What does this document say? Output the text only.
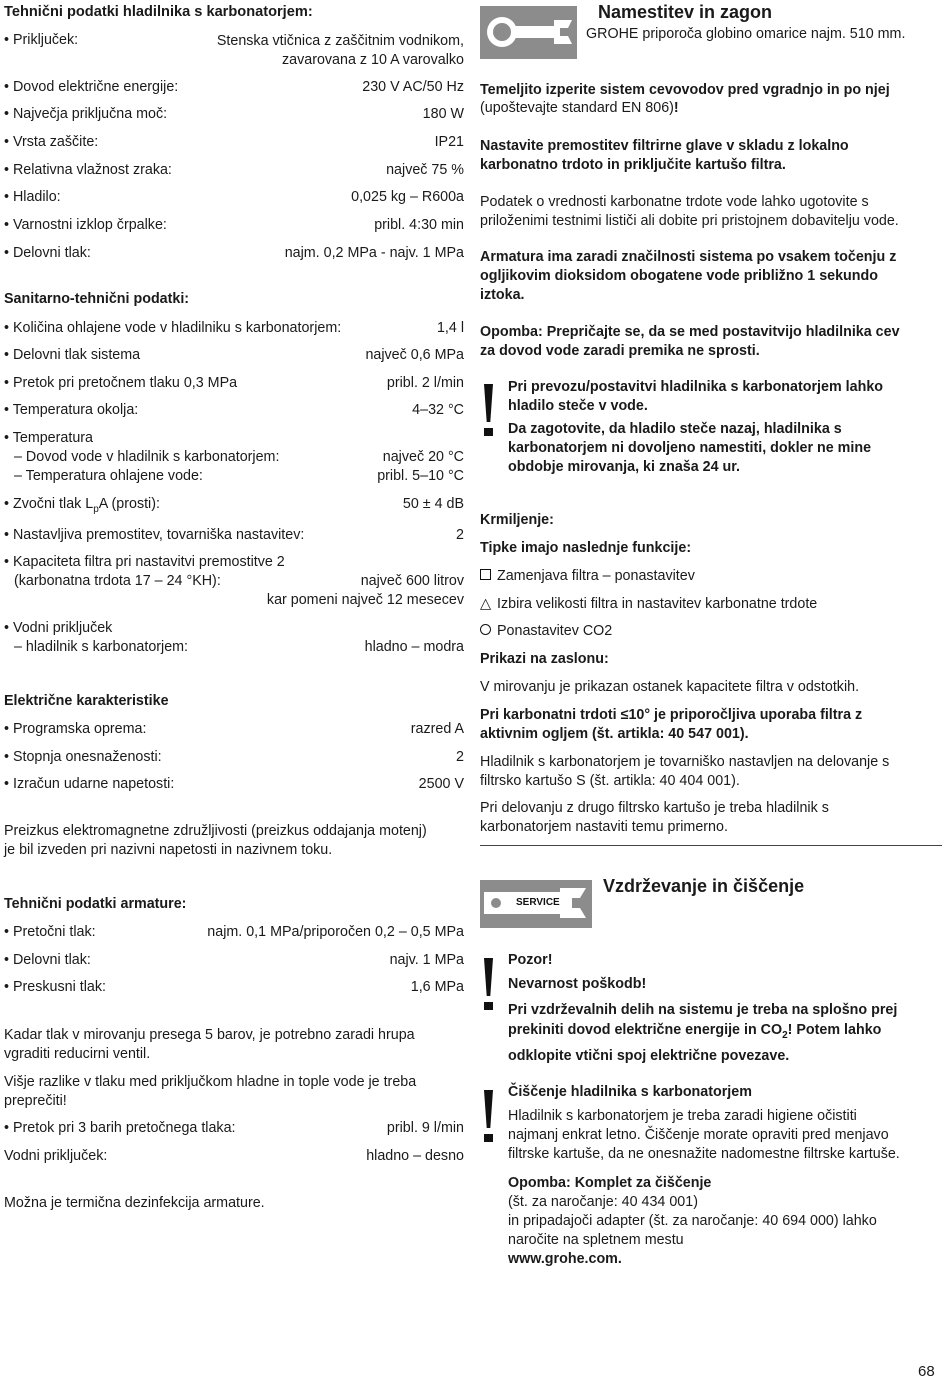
Tehnični podatki hladilnika s karbonatorjem:
• Priključek:	Stenska vtičnica z zaščitnim vodnikom,
zavarovana z 10 A varovalko
• Dovod električne energije:	230 V AC/50 Hz
• Največja priključna moč:	180 W
• Vrsta zaščite:	IP21
• Relativna vlažnost zraka:	največ 75 %
• Hladilo:	0,025 kg – R600a
• Varnostni izklop črpalke:	pribl. 4:30 min
• Delovni tlak:	najm. 0,2 MPa - najv. 1 MPa
Sanitarno-tehnični podatki:
• Količina ohlajene vode v hladilniku s karbonatorjem:	1,4 l
• Delovni tlak sistema	največ 0,6 MPa
• Pretok pri pretočnem tlaku 0,3 MPa	pribl. 2 l/min
• Temperatura okolja:	4–32 °C
• Temperatura
– Dovod vode v hladilnik s karbonatorjem:	največ 20 °C
– Temperatura ohlajene vode:	pribl. 5–10 °C
• Zvočni tlak $L_pA$ (prosti):	50 ± 4 dB
• Nastavljiva premostitev, tovarniška nastavitev:	2
• Kapaciteta filtra pri nastavitvi premostitve 2
(karbonatna trdota 17 – 24 °KH):	največ 600 litrov
kar pomeni največ 12 mesecev
• Vodni priključek
– hladilnik s karbonatorjem:	hladno – modra
Električne karakteristike
• Programska oprema:	razred A
• Stopnja onesnaženosti:	2
• Izračun udarne napetosti:	2500 V
Preizkus elektromagnetne združljivosti (preizkus oddajanja motenj)
je bil izveden pri nazivni napetosti in nazivnem toku.
Tehnični podatki armature:
• Pretočni tlak:	najm. 0,1 MPa/priporočen 0,2 – 0,5 MPa
• Delovni tlak:	najv. 1 MPa
• Preskusni tlak:	1,6 MPa
Kadar tlak v mirovanju presega 5 barov, je potrebno zaradi hrupa
vgraditi reducirni ventil.
Višje razlike v tlaku med priključkom hladne in tople vode je treba
preprečiti!
• Pretok pri 3 barih pretočnega tlaka:	pribl. 9 l/min
Vodni priključek:	hladno – desno
Možna je termična dezinfekcija armature.
Namestitev in zagon
GROHE priporoča globino omarice najm. 510 mm.
Temeljito izperite sistem cevovodov pred vgradnjo in po njej
(upoštevajte standard EN 806)!
Nastavite premostitev filtrirne glave v skladu z lokalno
karbonatno trdoto in priključite kartušo filtra.
Podatek o vrednosti karbonatne trdote vode lahko ugotovite s
priloženimi testnimi lističi ali dobite pri pristojnem dobavitelju vode.
Armatura ima zaradi značilnosti sistema po vsakem točenju z
ogljikovim dioksidom obogatene vode približno 1 sekundo
iztoka.
Opomba: Prepričajte se, da se med postavitvijo hladilnika cev
za dovod vode zaradi premika ne sprosti.
Pri prevozu/postavitvi hladilnika s karbonatorjem lahko
hladilo steče v vode.
Da zagotovite, da hladilo steče nazaj, hladilnika s
karbonatorjem ni dovoljeno namestiti, dokler ne mine
obdobje mirovanja, ki znaša 24 ur.
Krmiljenje:
Tipke imajo naslednje funkcije:
Zamenjava filtra – ponastavitev
△ Izbira velikosti filtra in nastavitev karbonatne trdote
Ponastavitev CO2
Prikazi na zaslonu:
V mirovanju je prikazan ostanek kapacitete filtra v odstotkih.
Pri karbonatni trdoti ≤10° je priporočljiva uporaba filtra z
aktivnim ogljem (št. artikla: 40 547 001).
Hladilnik s karbonatorjem je tovarniško nastavljen na delovanje s
filtrsko kartušo S (št. artikla: 40 404 001).
Pri delovanju z drugo filtrsko kartušo je treba hladilnik s
karbonatorjem nastaviti temu primerno.
SERVICE
Vzdrževanje in čiščenje
Pozor!
Nevarnost poškodb!
Pri vzdrževalnih delih na sistemu je treba na splošno prej
prekiniti dovod električne energije in $CO_2$! Potem lahko
odklopite vtični spoj električne povezave.
Čiščenje hladilnika s karbonatorjem
Hladilnik s karbonatorjem je treba zaradi higiene očistiti
najmanj enkrat letno. Čiščenje morate opraviti pred menjavo
filtrske kartuše, da ne onesnažite nadomestne filtrske kartuše.
Opomba: Komplet za čiščenje
(št. za naročanje: 40 434 001)
in pripadajoči adapter (št. za naročanje: 40 694 000) lahko
naročite na spletnem mestu
www.grohe.com.
68
